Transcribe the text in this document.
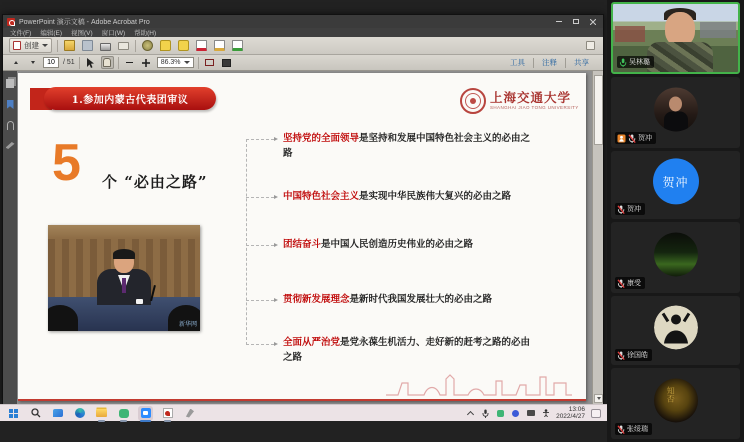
PowerPoint 演示文稿 - Adobe Acrobat Pro
文件(F) 编辑(E) 视图(V) 窗口(W) 帮助(H)
创建
10
/ 51	86.3%	工具	注释	共享
1.参加内蒙古代表团审议	上海交通大学
SHANGHAI JIAO TONG UNIVERSITY
5 个 “必由之路”
新华网
坚持党的全面领导是坚持和发展中国特色社会主义的必由之路
中国特色社会主义是实现中华民族伟大复兴的必由之路
团结奋斗是中国人民创造历史伟业的必由之路
贯彻新发展理念是新时代我国发展壮大的必由之路
全面从严治党是党永葆生机活力、走好新的赶考之路的必由之路
13:06
2022/4/27
吴林璐
贺冲
贺冲
贺冲
康受
徐国皓
知否
张绥瑞
